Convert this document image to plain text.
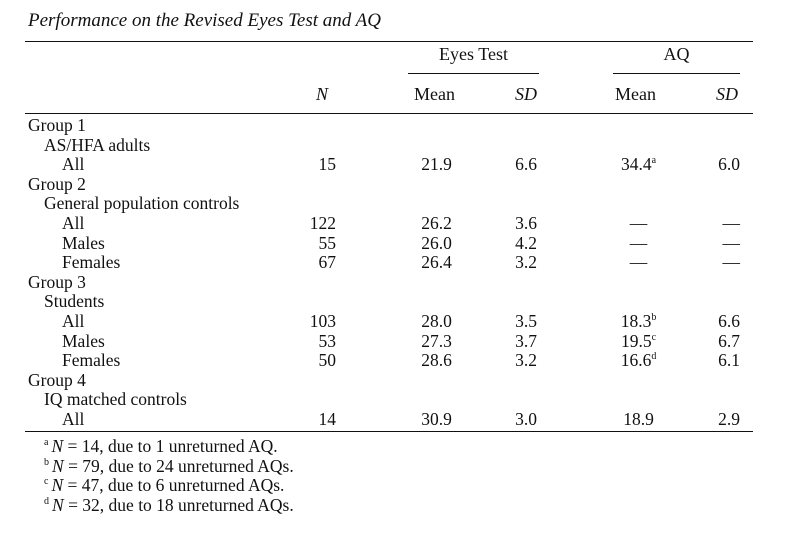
Performance on the Revised Eyes Test and AQ
Eyes Test	AQ
N	Mean	SD	Mean	SD
Group 1
AS/HFA adults
All	15	21.9	6.6	34.4$^a$	6.0
Group 2
General population controls
All	122	26.2	3.6	—	—
Males	55	26.0	4.2	—	—
Females	67	26.4	3.2	—	—
Group 3
Students
All	103	28.0	3.5	18.3$^b$	6.6
Males	53	27.3	3.7	19.5$^c$	6.7
Females	50	28.6	3.2	16.6$^d$	6.1
Group 4
IQ matched controls
All	14	30.9	3.0	18.9	2.9
$^a$ N = 14, due to 1 unreturned AQ.
$^b$ N = 79, due to 24 unreturned AQs.
$^c$ N = 47, due to 6 unreturned AQs.
$^d$ N = 32, due to 18 unreturned AQs.
